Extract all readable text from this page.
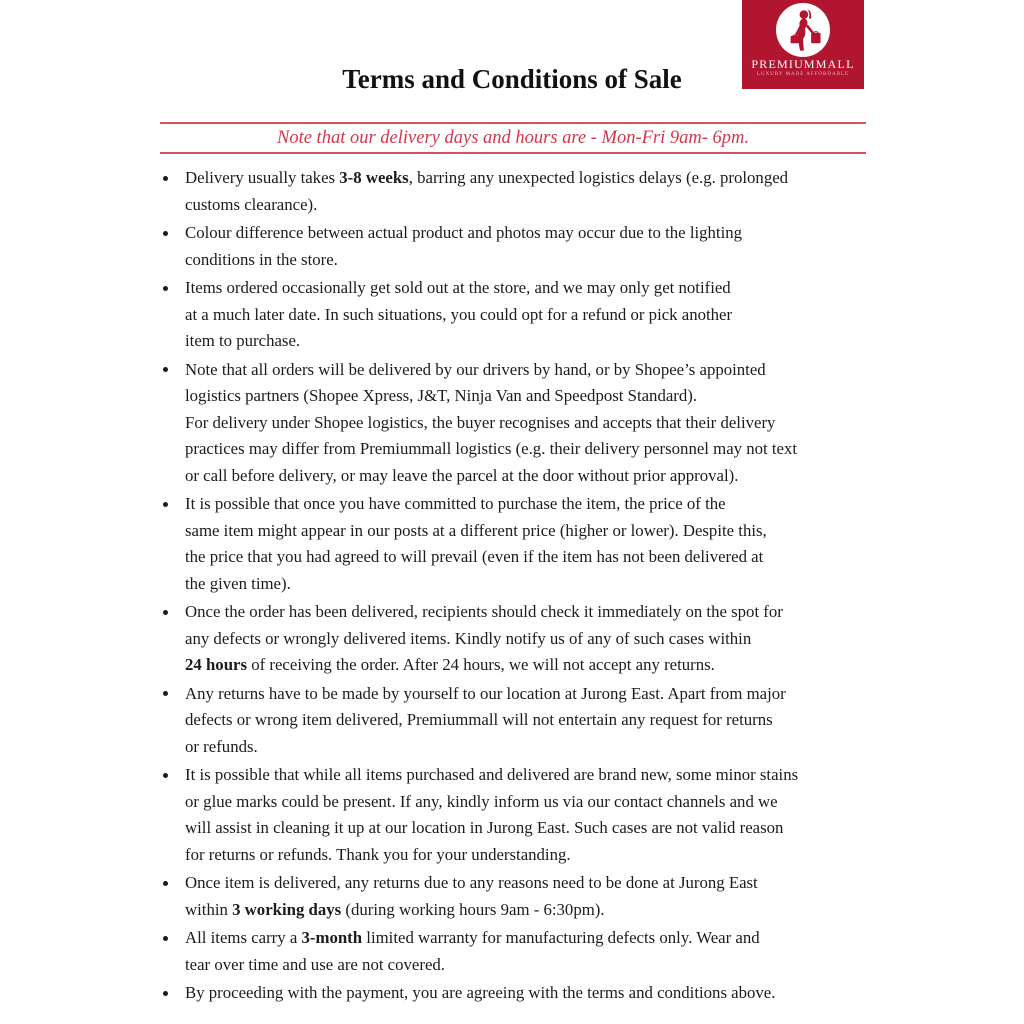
PREMIUMMALL
LUXURY MADE AFFORDABLE
Terms and Conditions of Sale
Note that our delivery days and hours are - Mon-Fri 9am- 6pm.
Delivery usually takes 3-8 weeks, barring any unexpected logistics delays (e.g. prolonged
customs clearance).
Colour difference between actual product and photos may occur due to the lighting
conditions in the store.
Items ordered occasionally get sold out at the store, and we may only get notified
at a much later date. In such situations, you could opt for a refund or pick another
item to purchase.
Note that all orders will be delivered by our drivers by hand, or by Shopee’s appointed
logistics partners (Shopee Xpress, J&T, Ninja Van and Speedpost Standard).
For delivery under Shopee logistics, the buyer recognises and accepts that their delivery
practices may differ from Premiummall logistics (e.g. their delivery personnel may not text
or call before delivery, or may leave the parcel at the door without prior approval).
It is possible that once you have committed to purchase the item, the price of the
same item might appear in our posts at a different price (higher or lower). Despite this,
the price that you had agreed to will prevail (even if the item has not been delivered at
the given time).
Once the order has been delivered, recipients should check it immediately on the spot for
any defects or wrongly delivered items. Kindly notify us of any of such cases within
24 hours of receiving the order. After 24 hours, we will not accept any returns.
Any returns have to be made by yourself to our location at Jurong East. Apart from major
defects or wrong item delivered, Premiummall will not entertain any request for returns
or refunds.
It is possible that while all items purchased and delivered are brand new, some minor stains
or glue marks could be present. If any, kindly inform us via our contact channels and we
will assist in cleaning it up at our location in Jurong East. Such cases are not valid reason
for returns or refunds. Thank you for your understanding.
Once item is delivered, any returns due to any reasons need to be done at Jurong East
within 3 working days (during working hours 9am - 6:30pm).
All items carry a 3-month limited warranty for manufacturing defects only. Wear and
tear over time and use are not covered.
By proceeding with the payment, you are agreeing with the terms and conditions above.
